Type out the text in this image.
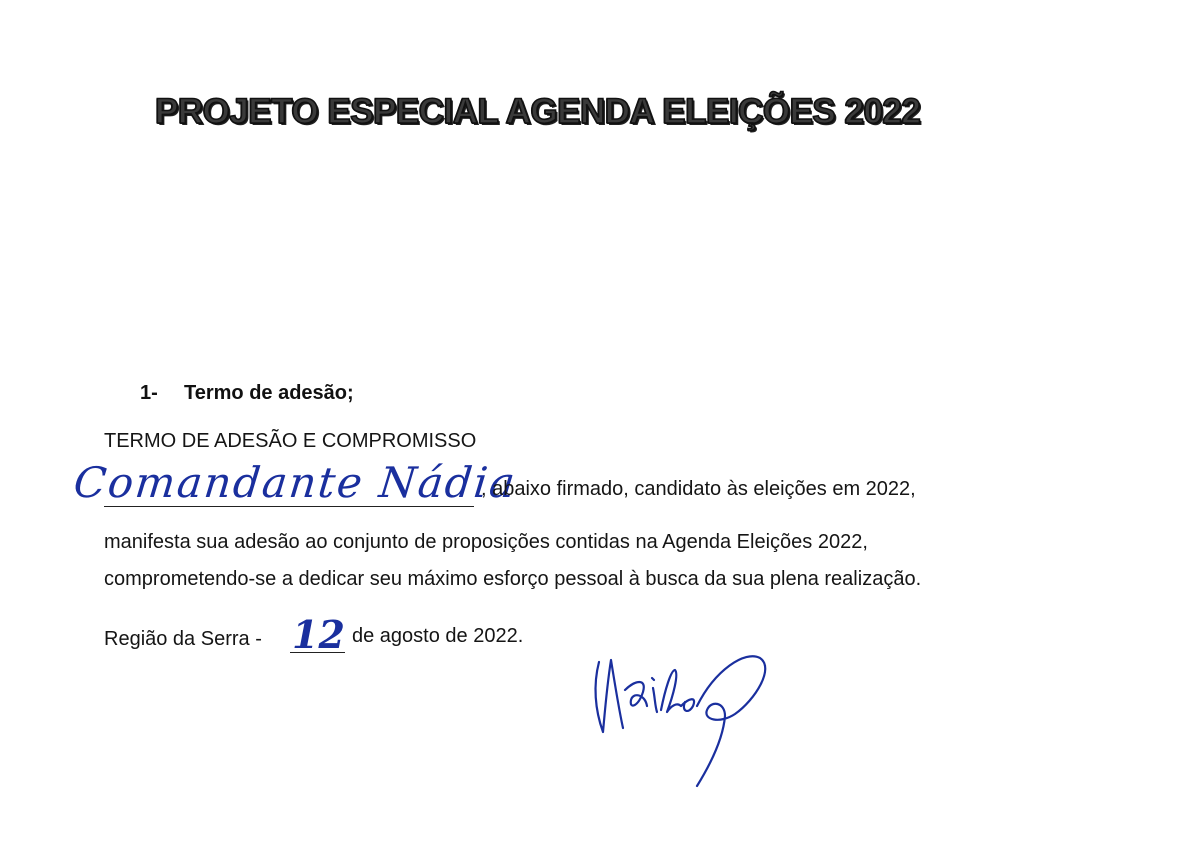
PROJETO ESPECIAL AGENDA ELEIÇÕES 2022
1- Termo de adesão;
TERMO DE ADESÃO E COMPROMISSO
Comandante Nádia
, abaixo firmado, candidato às eleições em 2022,
manifesta sua adesão ao conjunto de proposições contidas na Agenda Eleições 2022,
comprometendo-se a dedicar seu máximo esforço pessoal à busca da sua plena realização.
Região da Serra - 12 de agosto de 2022.
